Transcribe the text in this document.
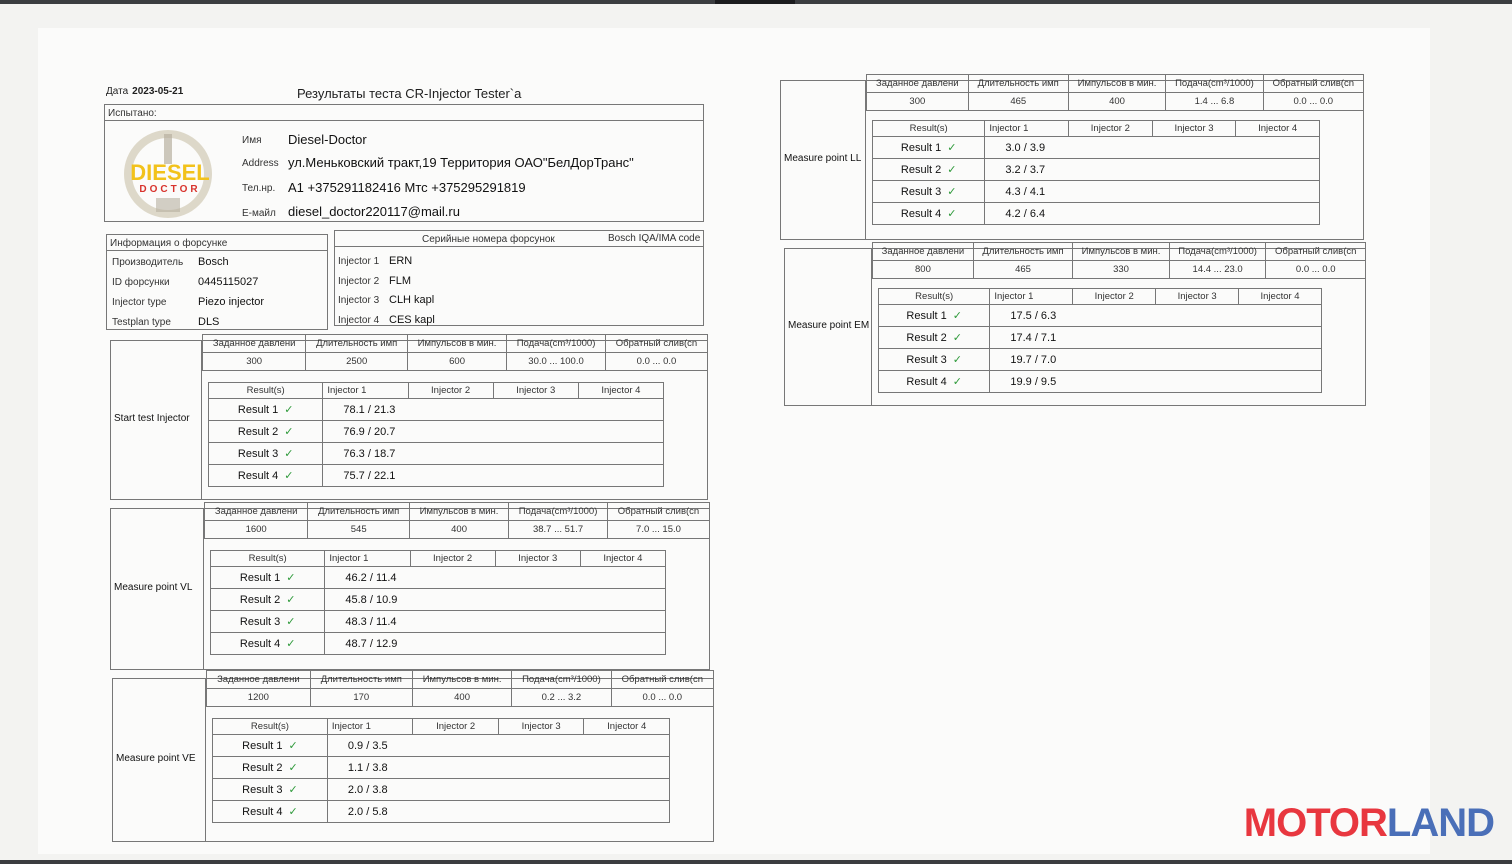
Дата 2023-05-21	Результаты теста CR-Injector Tester`a
Испытано:
DIESEL
DOCTOR
Имя Diesel-Doctor
Address ул.Меньковский тракт,19 Территория ОАО"БелДорТранс"
Тел.нр. A1 +375291182416 Мтс +375295291819
E-майл diesel_doctor220117@mail.ru
Информация о форсунке
Производитель Bosch
ID форсунки	0445115027
Injector type	Piezo injector
Testplan type DLS
Серийные номера форсунок	Bosch IQA/IMA code
Injector 1 ERN
Injector 2 FLM
Injector 3 CLH kapl
Injector 4 CES kapl
Start test Injector
Заданное давлени	Длительность имп	Импульсов в мин.	Подача(cm³/1000)	Обратный слив(cn
300	2500	600	30.0 ... 100.0	0.0 ... 0.0
Result(s)	Injector 1	Injector 2	Injector 3	Injector 4
Result 1 ✓	78.1 / 21.3			
Result 2 ✓	76.9 / 20.7			
Result 3 ✓	76.3 / 18.7			
Result 4 ✓	75.7 / 22.1			
Measure point VL
Заданное давлени	Длительность имп	Импульсов в мин.	Подача(cm³/1000)	Обратный слив(cn
1600	545	400	38.7 ... 51.7	7.0 ... 15.0
Result(s)	Injector 1	Injector 2	Injector 3	Injector 4
Result 1 ✓	46.2 / 11.4			
Result 2 ✓	45.8 / 10.9			
Result 3 ✓	48.3 / 11.4			
Result 4 ✓	48.7 / 12.9			
Measure point VE
Заданное давлени	Длительность имп	Импульсов в мин.	Подача(cm³/1000)	Обратный слив(cn
1200	170	400	0.2 ... 3.2	0.0 ... 0.0
Result(s)	Injector 1	Injector 2	Injector 3	Injector 4
Result 1 ✓	0.9 / 3.5			
Result 2 ✓	1.1 / 3.8			
Result 3 ✓	2.0 / 3.8			
Result 4 ✓	2.0 / 5.8			
Measure point LL
Заданное давлени	Длительность имп	Импульсов в мин.	Подача(cm³/1000)	Обратный слив(cn
300	465	400	1.4 ... 6.8	0.0 ... 0.0
Result(s)	Injector 1	Injector 2	Injector 3	Injector 4
Result 1 ✓	3.0 / 3.9			
Result 2 ✓	3.2 / 3.7			
Result 3 ✓	4.3 / 4.1			
Result 4 ✓	4.2 / 6.4			
Measure point EM
Заданное давлени	Длительность имп	Импульсов в мин.	Подача(cm³/1000)	Обратный слив(cn
800	465	330	14.4 ... 23.0	0.0 ... 0.0
Result(s)	Injector 1	Injector 2	Injector 3	Injector 4
Result 1 ✓	17.5 / 6.3			
Result 2 ✓	17.4 / 7.1			
Result 3 ✓	19.7 / 7.0			
Result 4 ✓	19.9 / 9.5			
MOTORLAND
